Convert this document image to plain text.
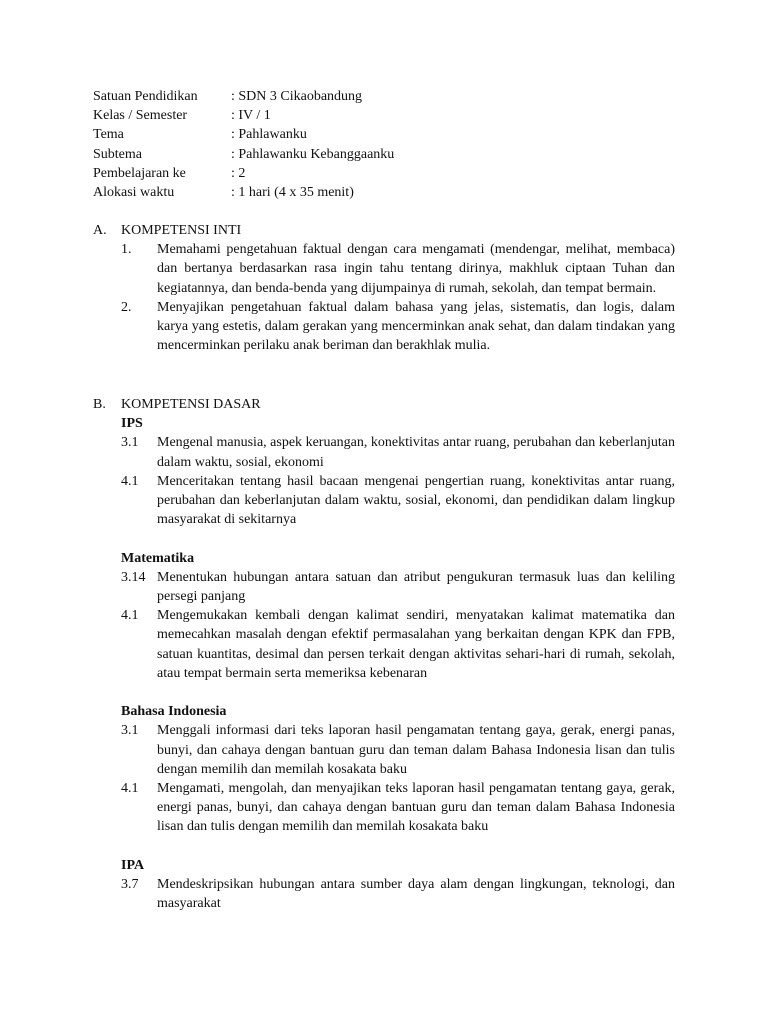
Satuan Pendidikan	: SDN 3 Cikaobandung
Kelas / Semester	: IV / 1
Tema	: Pahlawanku
Subtema	: Pahlawanku Kebanggaanku
Pembelajaran ke	: 2
Alokasi waktu	: 1 hari (4 x 35 menit)
A.	KOMPETENSI INTI
1.	Memahami pengetahuan faktual dengan cara mengamati (mendengar, melihat, membaca) dan bertanya berdasarkan rasa ingin tahu tentang dirinya, makhluk ciptaan Tuhan dan kegiatannya, dan benda-benda yang dijumpainya di rumah, sekolah, dan tempat bermain.
2.	Menyajikan pengetahuan faktual dalam bahasa yang jelas, sistematis, dan logis, dalam karya yang estetis, dalam gerakan yang mencerminkan anak sehat, dan dalam tindakan yang mencerminkan perilaku anak beriman dan berakhlak mulia.
B.	KOMPETENSI DASAR
IPS
3.1	Mengenal manusia, aspek keruangan, konektivitas antar ruang, perubahan dan keberlanjutan dalam waktu, sosial, ekonomi
4.1	Menceritakan tentang hasil bacaan mengenai pengertian ruang, konektivitas antar ruang, perubahan dan keberlanjutan dalam waktu, sosial, ekonomi, dan pendidikan dalam lingkup masyarakat di sekitarnya
Matematika
3.14 Menentukan hubungan antara satuan dan atribut pengukuran termasuk luas dan keliling persegi panjang
4.1	Mengemukakan kembali dengan kalimat sendiri, menyatakan kalimat matematika dan memecahkan masalah dengan efektif permasalahan yang berkaitan dengan KPK dan FPB, satuan kuantitas, desimal dan persen terkait dengan aktivitas sehari-hari di rumah, sekolah, atau tempat bermain serta memeriksa kebenaran
Bahasa Indonesia
3.1	Menggali informasi dari teks laporan hasil pengamatan tentang gaya, gerak, energi panas, bunyi, dan cahaya dengan bantuan guru dan teman dalam Bahasa Indonesia lisan dan tulis dengan memilih dan memilah kosakata baku
4.1	Mengamati, mengolah, dan menyajikan teks laporan hasil pengamatan tentang gaya, gerak, energi panas, bunyi, dan cahaya dengan bantuan guru dan teman dalam Bahasa Indonesia lisan dan tulis dengan memilih dan memilah kosakata baku
IPA
3.7	Mendeskripsikan hubungan antara sumber daya alam dengan lingkungan, teknologi, dan masyarakat
